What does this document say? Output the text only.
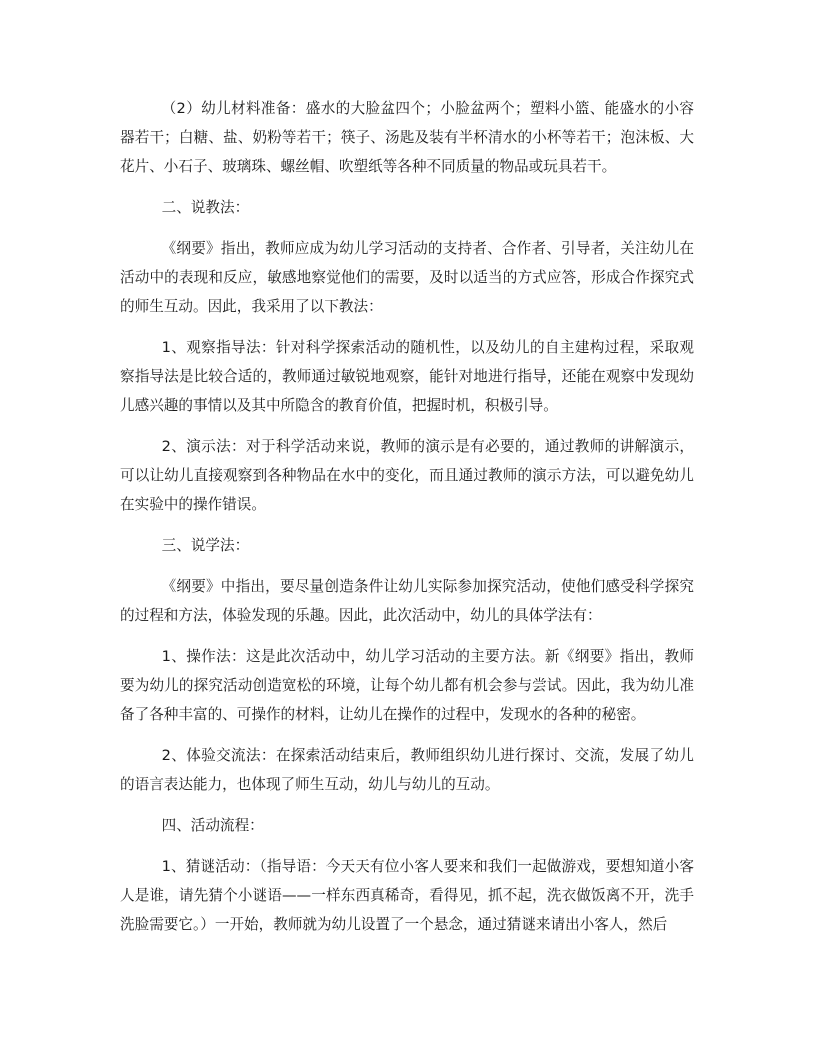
（2）幼儿材料准备：盛水的大脸盆四个；小脸盆两个；塑料小篮、能盛水的小容器若干；白糖、盐、奶粉等若干；筷子、汤匙及装有半杯清水的小杯等若干；泡沫板、大花片、小石子、玻璃珠、螺丝帽、吹塑纸等各种不同质量的物品或玩具若干。

二、说教法：

《纲要》指出，教师应成为幼儿学习活动的支持者、合作者、引导者，关注幼儿在活动中的表现和反应，敏感地察觉他们的需要，及时以适当的方式应答，形成合作探究式的师生互动。因此，我采用了以下教法：

1、观察指导法：针对科学探索活动的随机性，以及幼儿的自主建构过程，采取观察指导法是比较合适的，教师通过敏锐地观察，能针对地进行指导，还能在观察中发现幼儿感兴趣的事情以及其中所隐含的教育价值，把握时机，积极引导。

2、演示法：对于科学活动来说，教师的演示是有必要的，通过教师的讲解演示，可以让幼儿直接观察到各种物品在水中的变化，而且通过教师的演示方法，可以避免幼儿在实验中的操作错误。

三、说学法：

《纲要》中指出，要尽量创造条件让幼儿实际参加探究活动，使他们感受科学探究的过程和方法，体验发现的乐趣。因此，此次活动中，幼儿的具体学法有：

1、操作法：这是此次活动中，幼儿学习活动的主要方法。新《纲要》指出，教师要为幼儿的探究活动创造宽松的环境，让每个幼儿都有机会参与尝试。因此，我为幼儿准备了各种丰富的、可操作的材料，让幼儿在操作的过程中，发现水的各种的秘密。

2、体验交流法：在探索活动结束后，教师组织幼儿进行探讨、交流，发展了幼儿的语言表达能力，也体现了师生互动，幼儿与幼儿的互动。

四、活动流程：

1、猜谜活动：（指导语：今天天有位小客人要来和我们一起做游戏，要想知道小客人是谁，请先猜个小谜语——一样东西真稀奇，看得见，抓不起，洗衣做饭离不开，洗手洗脸需要它。）一开始，教师就为幼儿设置了一个悬念，通过猜谜来请出小客人，然后
